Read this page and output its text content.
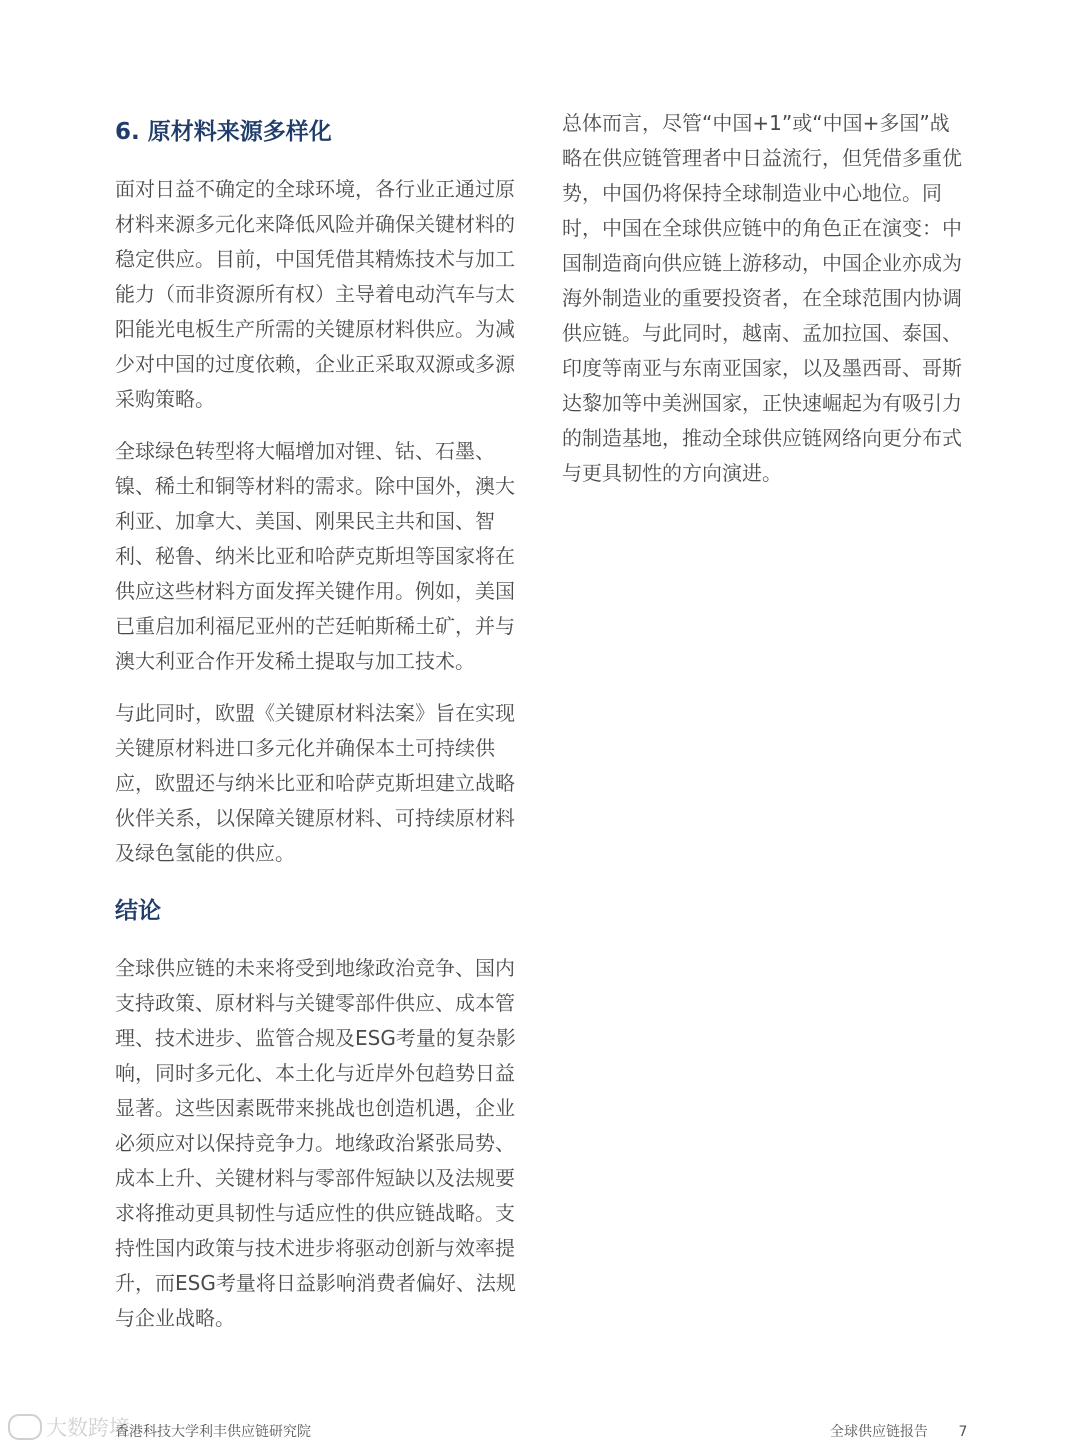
6. 原材料来源多样化

面对日益不确定的全球环境，各行业正通过原材料来源多元化来降低风险并确保关键材料的稳定供应。目前，中国凭借其精炼技术与加工能力（而非资源所有权）主导着电动汽车与太阳能光电板生产所需的关键原材料供应。为减少对中国的过度依赖，企业正采取双源或多源采购策略。

全球绿色转型将大幅增加对锂、钴、石墨、镍、稀土和铜等材料的需求。除中国外，澳大利亚、加拿大、美国、刚果民主共和国、智利、秘鲁、纳米比亚和哈萨克斯坦等国家将在供应这些材料方面发挥关键作用。例如，美国已重启加利福尼亚州的芒廷帕斯稀土矿，并与澳大利亚合作开发稀土提取与加工技术。

与此同时，欧盟《关键原材料法案》旨在实现关键原材料进口多元化并确保本土可持续供应，欧盟还与纳米比亚和哈萨克斯坦建立战略伙伴关系，以保障关键原材料、可持续原材料及绿色氢能的供应。

结论

全球供应链的未来将受到地缘政治竞争、国内支持政策、原材料与关键零部件供应、成本管理、技术进步、监管合规及ESG考量的复杂影响，同时多元化、本土化与近岸外包趋势日益显著。这些因素既带来挑战也创造机遇，企业必须应对以保持竞争力。地缘政治紧张局势、成本上升、关键材料与零部件短缺以及法规要求将推动更具韧性与适应性的供应链战略。支持性国内政策与技术进步将驱动创新与效率提升，而ESG考量将日益影响消费者偏好、法规与企业战略。

总体而言，尽管“中国+1”或“中国+多国”战略在供应链管理者中日益流行，但凭借多重优势，中国仍将保持全球制造业中心地位。同时，中国在全球供应链中的角色正在演变：中国制造商向供应链上游移动，中国企业亦成为海外制造业的重要投资者，在全球范围内协调供应链。与此同时，越南、孟加拉国、泰国、印度等南亚与东南亚国家，以及墨西哥、哥斯达黎加等中美洲国家，正快速崛起为有吸引力的制造基地，推动全球供应链网络向更分布式与更具韧性的方向演进。

大数跨境
香港科技大学利丰供应链研究院	全球供应链报告 7
